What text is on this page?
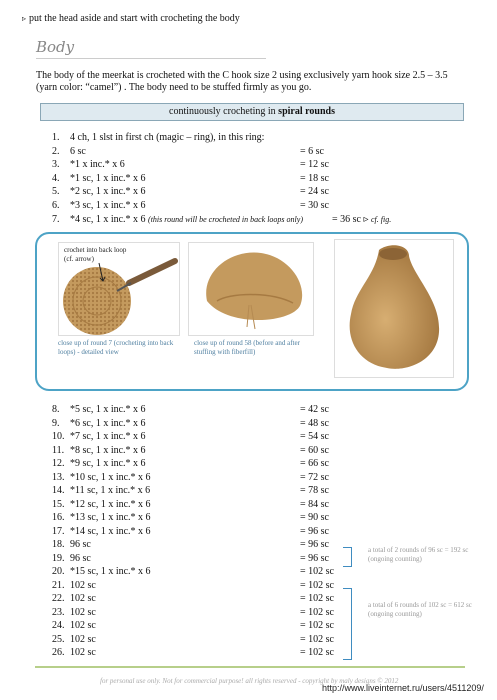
▹ put the head aside and start with crocheting the body
Body
The body of the meerkat is crocheted with the C hook size 2 using exclusively yarn hook size 2.5 – 3.5 (yarn color: “camel”) . The body need to be stuffed firmly as you go.
continuously crocheting in spiral rounds
1. 4 ch, 1 slst in first ch (magic – ring), in this ring:
2. 6 sc	= 6 sc
3. *1 x inc.* x 6	= 12 sc
4. *1 sc, 1 x inc.* x 6	= 18 sc
5. *2 sc, 1 x inc.* x 6	= 24 sc
6. *3 sc, 1 x inc.* x 6	= 30 sc
7. *4 sc, 1 x inc.* x 6 (this round will be crocheted in back loops only)	= 36 sc ▹ cf. fig.
crochet into back loop
(cf. arrow)
close up of round 7 (crocheting into back loops) - detailed view
close up of round 58 (before and after stuffing with fiberfill)
8. *5 sc, 1 x inc.* x 6	= 42 sc
9. *6 sc, 1 x inc.* x 6	= 48 sc
10. *7 sc, 1 x inc.* x 6	= 54 sc
11. *8 sc, 1 x inc.* x 6	= 60 sc
12. *9 sc, 1 x inc.* x 6	= 66 sc
13. *10 sc, 1 x inc.* x 6	= 72 sc
14. *11 sc, 1 x inc.* x 6	= 78 sc
15. *12 sc, 1 x inc.* x 6	= 84 sc
16. *13 sc, 1 x inc.* x 6	= 90 sc
17. *14 sc, 1 x inc.* x 6	= 96 sc
18. 96 sc	= 96 sc
19. 96 sc	= 96 sc
20. *15 sc, 1 x inc.* x 6	= 102 sc
21. 102 sc	= 102 sc
22. 102 sc	= 102 sc
23. 102 sc	= 102 sc
24. 102 sc	= 102 sc
25. 102 sc	= 102 sc
26. 102 sc	= 102 sc
a total of 2 rounds of 96 sc = 192 sc
(ongoing counting)
a total of 6 rounds of 102 sc = 612 sc
(ongoing counting)
for personal use only. Not for commercial purpose! all rights reserved - copyright by maly designs © 2012
http://www.liveinternet.ru/users/4511209/
